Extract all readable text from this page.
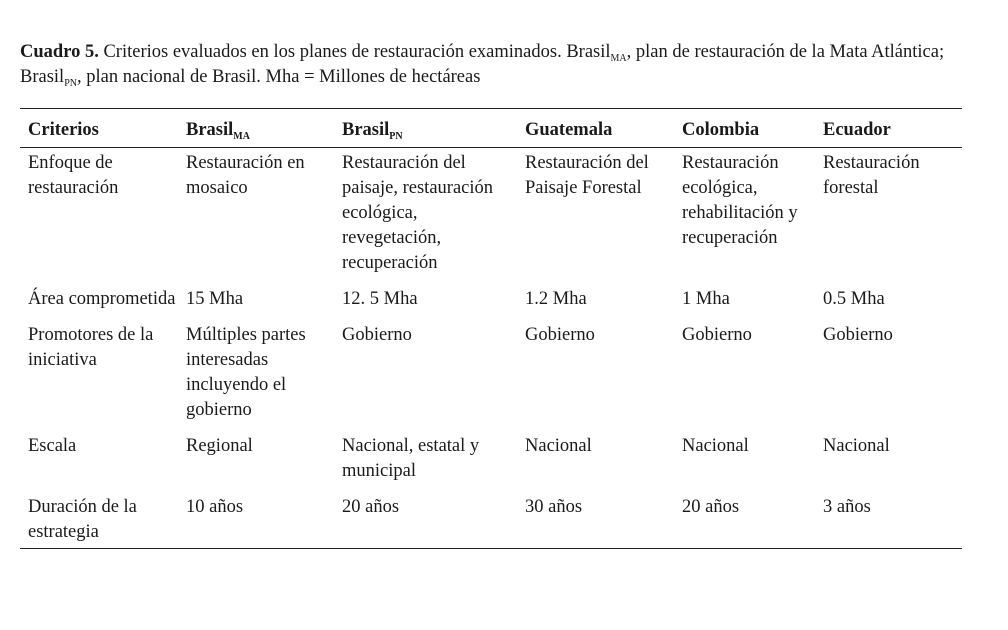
Cuadro 5. Criterios evaluados en los planes de restauración examinados. Brasil$_{MA}$, plan de restauración de la Mata Atlántica; Brasil$_{PN}$, plan nacional de Brasil. Mha = Millones de hectáreas
Criterios	Brasil$_{MA}$	Brasil$_{PN}$	Guatemala	Colombia	Ecuador
Enfoque de restauración	Restauración en mosaico	Restauración del paisaje, restauración ecológica, revegetación, recuperación	Restauración del Paisaje Forestal	Restauración ecológica, rehabilitación y recuperación	Restauración forestal
Área comprometida	15 Mha	12. 5 Mha	1.2 Mha	1 Mha	0.5 Mha
Promotores de la iniciativa	Múltiples partes interesadas incluyendo el gobierno	Gobierno	Gobierno	Gobierno	Gobierno
Escala	Regional	Nacional, estatal y municipal	Nacional	Nacional	Nacional
Duración de la estrategia	10 años	20 años	30 años	20 años	3 años
